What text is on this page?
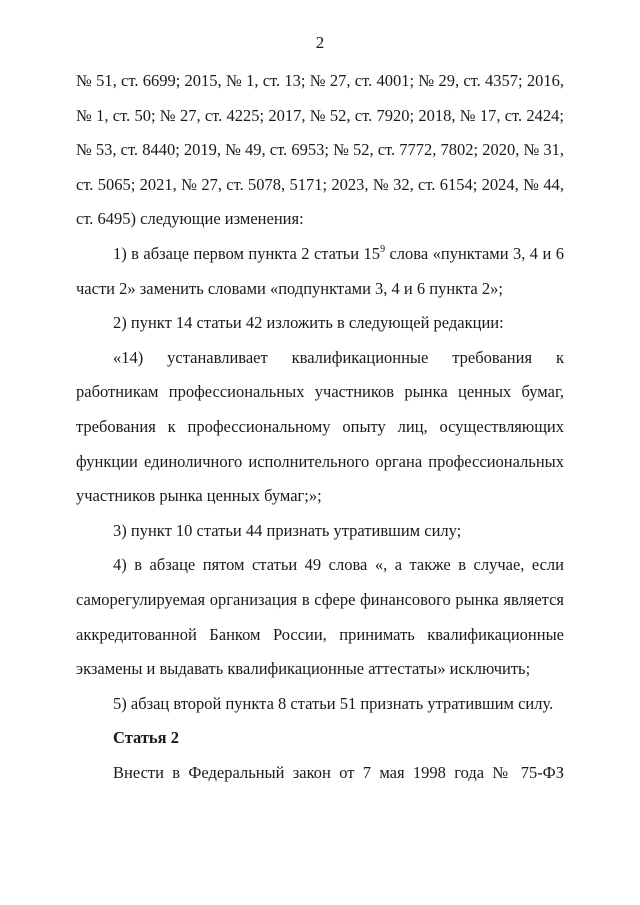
2

№ 51, ст. 6699; 2015, № 1, ст. 13; № 27, ст. 4001; № 29, ст. 4357; 2016, № 1, ст. 50; № 27, ст. 4225; 2017, № 52, ст. 7920; 2018, № 17, ст. 2424; № 53, ст. 8440; 2019, № 49, ст. 6953; № 52, ст. 7772, 7802; 2020, № 31, ст. 5065; 2021, № 27, ст. 5078, 5171; 2023, № 32, ст. 6154; 2024, № 44, ст. 6495) следующие изменения:

1) в абзаце первом пункта 2 статьи $15^9$ слова «пунктами 3, 4 и 6 части 2» заменить словами «подпунктами 3, 4 и 6 пункта 2»;

2) пункт 14 статьи 42 изложить в следующей редакции:

«14) устанавливает квалификационные требования к работникам профессиональных участников рынка ценных бумаг, требования к профессиональному опыту лиц, осуществляющих функции единоличного исполнительного органа профессиональных участников рынка ценных бумаг;»;

3) пункт 10 статьи 44 признать утратившим силу;

4) в абзаце пятом статьи 49 слова «, а также в случае, если саморегулируемая организация в сфере финансового рынка является аккредитованной Банком России, принимать квалификационные экзамены и выдавать квалификационные аттестаты» исключить;

5) абзац второй пункта 8 статьи 51 признать утратившим силу.

Статья 2

Внести в Федеральный закон от 7 мая 1998 года № 75-ФЗ
